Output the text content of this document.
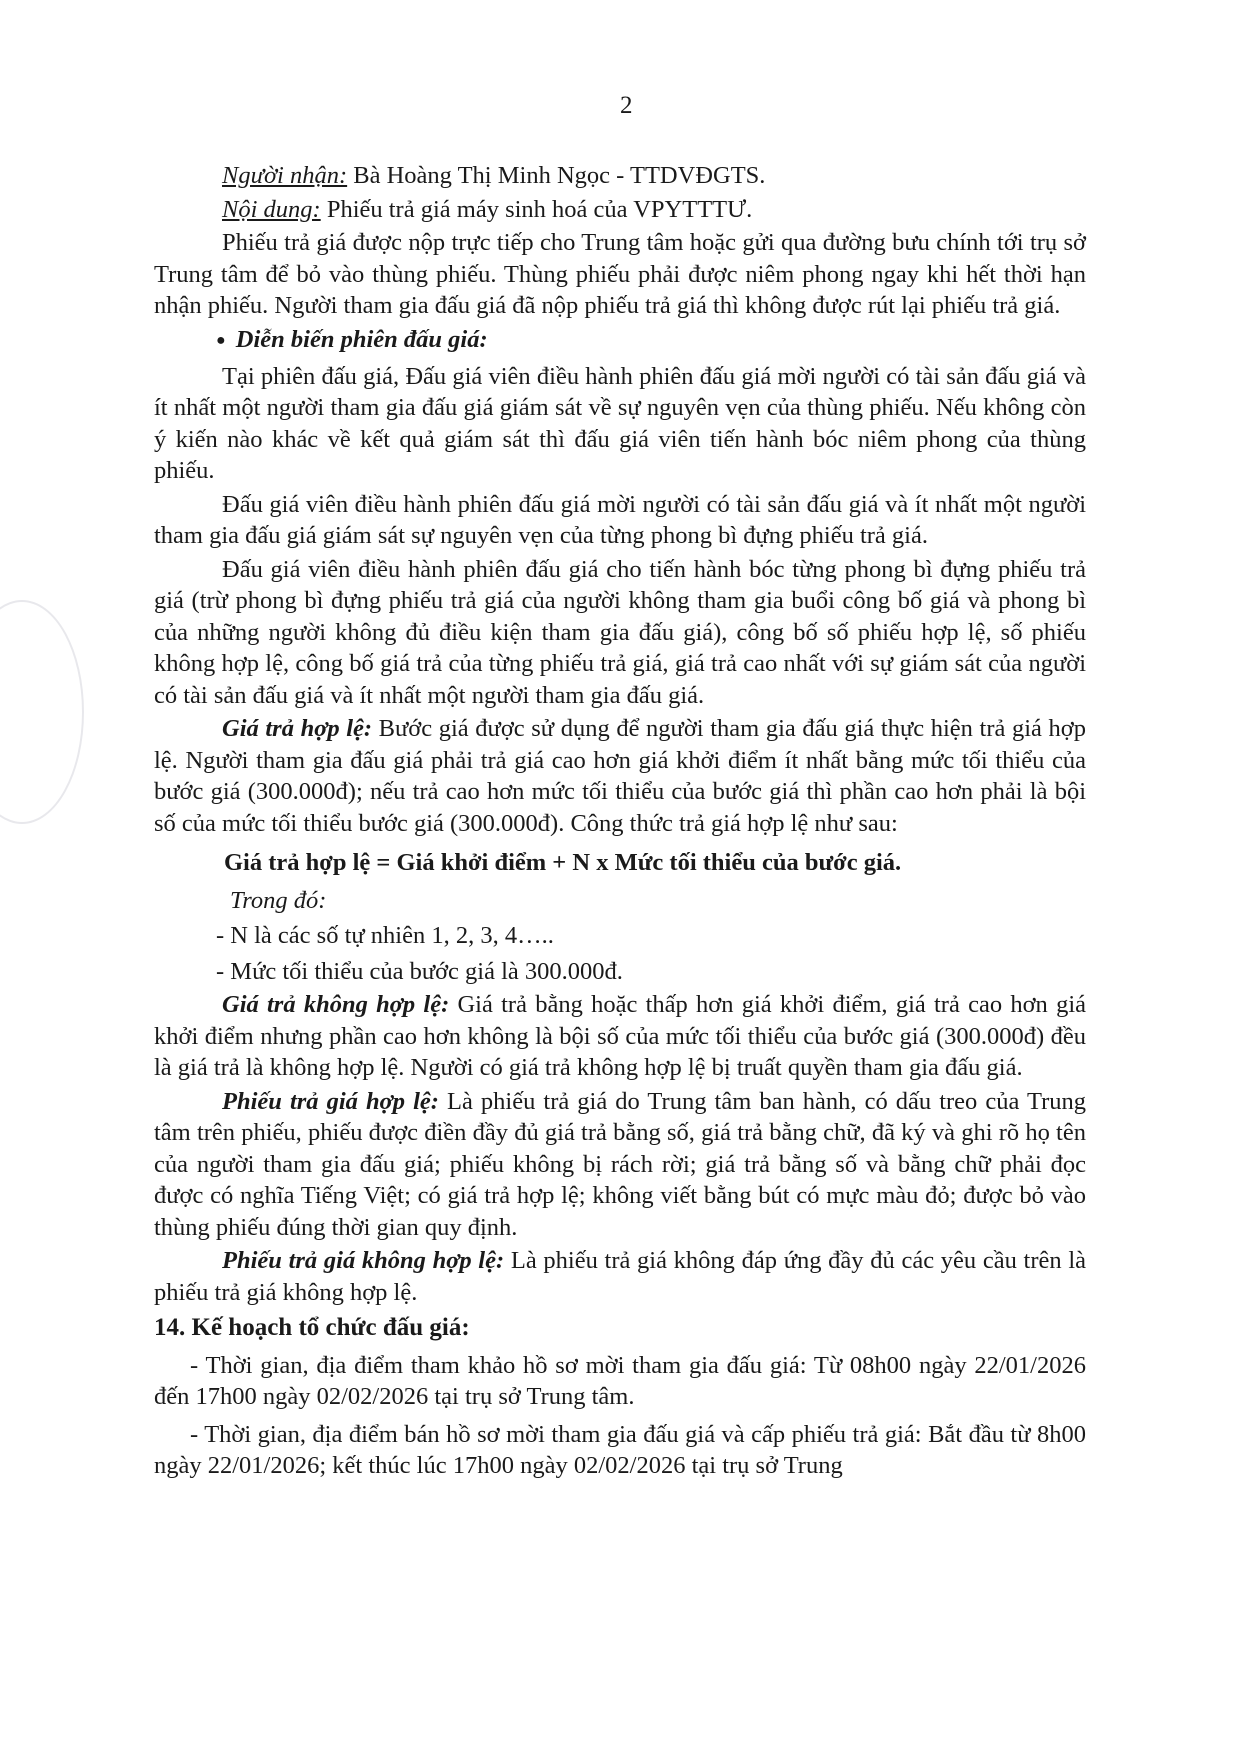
2

Người nhận: Bà Hoàng Thị Minh Ngọc - TTDVĐGTS.

Nội dung: Phiếu trả giá máy sinh hoá của VPYTTTƯ.

Phiếu trả giá được nộp trực tiếp cho Trung tâm hoặc gửi qua đường bưu chính tới trụ sở Trung tâm để bỏ vào thùng phiếu. Thùng phiếu phải được niêm phong ngay khi hết thời hạn nhận phiếu. Người tham gia đấu giá đã nộp phiếu trả giá thì không được rút lại phiếu trả giá.

● Diễn biến phiên đấu giá:

Tại phiên đấu giá, Đấu giá viên điều hành phiên đấu giá mời người có tài sản đấu giá và ít nhất một người tham gia đấu giá giám sát về sự nguyên vẹn của thùng phiếu. Nếu không còn ý kiến nào khác về kết quả giám sát thì đấu giá viên tiến hành bóc niêm phong của thùng phiếu.

Đấu giá viên điều hành phiên đấu giá mời người có tài sản đấu giá và ít nhất một người tham gia đấu giá giám sát sự nguyên vẹn của từng phong bì đựng phiếu trả giá.

Đấu giá viên điều hành phiên đấu giá cho tiến hành bóc từng phong bì đựng phiếu trả giá (trừ phong bì đựng phiếu trả giá của người không tham gia buổi công bố giá và phong bì của những người không đủ điều kiện tham gia đấu giá), công bố số phiếu hợp lệ, số phiếu không hợp lệ, công bố giá trả của từng phiếu trả giá, giá trả cao nhất với sự giám sát của người có tài sản đấu giá và ít nhất một người tham gia đấu giá.

Giá trả hợp lệ: Bước giá được sử dụng để người tham gia đấu giá thực hiện trả giá hợp lệ. Người tham gia đấu giá phải trả giá cao hơn giá khởi điểm ít nhất bằng mức tối thiểu của bước giá (300.000đ); nếu trả cao hơn mức tối thiểu của bước giá thì phần cao hơn phải là bội số của mức tối thiểu bước giá (300.000đ). Công thức trả giá hợp lệ như sau:

Giá trả hợp lệ = Giá khởi điểm + N x Mức tối thiểu của bước giá.

Trong đó:

- N là các số tự nhiên 1, 2, 3, 4…..

- Mức tối thiểu của bước giá là 300.000đ.

Giá trả không hợp lệ: Giá trả bằng hoặc thấp hơn giá khởi điểm, giá trả cao hơn giá khởi điểm nhưng phần cao hơn không là bội số của mức tối thiểu của bước giá (300.000đ) đều là giá trả là không hợp lệ. Người có giá trả không hợp lệ bị truất quyền tham gia đấu giá.

Phiếu trả giá hợp lệ: Là phiếu trả giá do Trung tâm ban hành, có dấu treo của Trung tâm trên phiếu, phiếu được điền đầy đủ giá trả bằng số, giá trả bằng chữ, đã ký và ghi rõ họ tên của người tham gia đấu giá; phiếu không bị rách rời; giá trả bằng số và bằng chữ phải đọc được có nghĩa Tiếng Việt; có giá trả hợp lệ; không viết bằng bút có mực màu đỏ; được bỏ vào thùng phiếu đúng thời gian quy định.

Phiếu trả giá không hợp lệ: Là phiếu trả giá không đáp ứng đầy đủ các yêu cầu trên là phiếu trả giá không hợp lệ.

14. Kế hoạch tổ chức đấu giá:

- Thời gian, địa điểm tham khảo hồ sơ mời tham gia đấu giá: Từ 08h00 ngày 22/01/2026 đến 17h00 ngày 02/02/2026 tại trụ sở Trung tâm.

- Thời gian, địa điểm bán hồ sơ mời tham gia đấu giá và cấp phiếu trả giá: Bắt đầu từ 8h00 ngày 22/01/2026; kết thúc lúc 17h00 ngày 02/02/2026 tại trụ sở Trung
